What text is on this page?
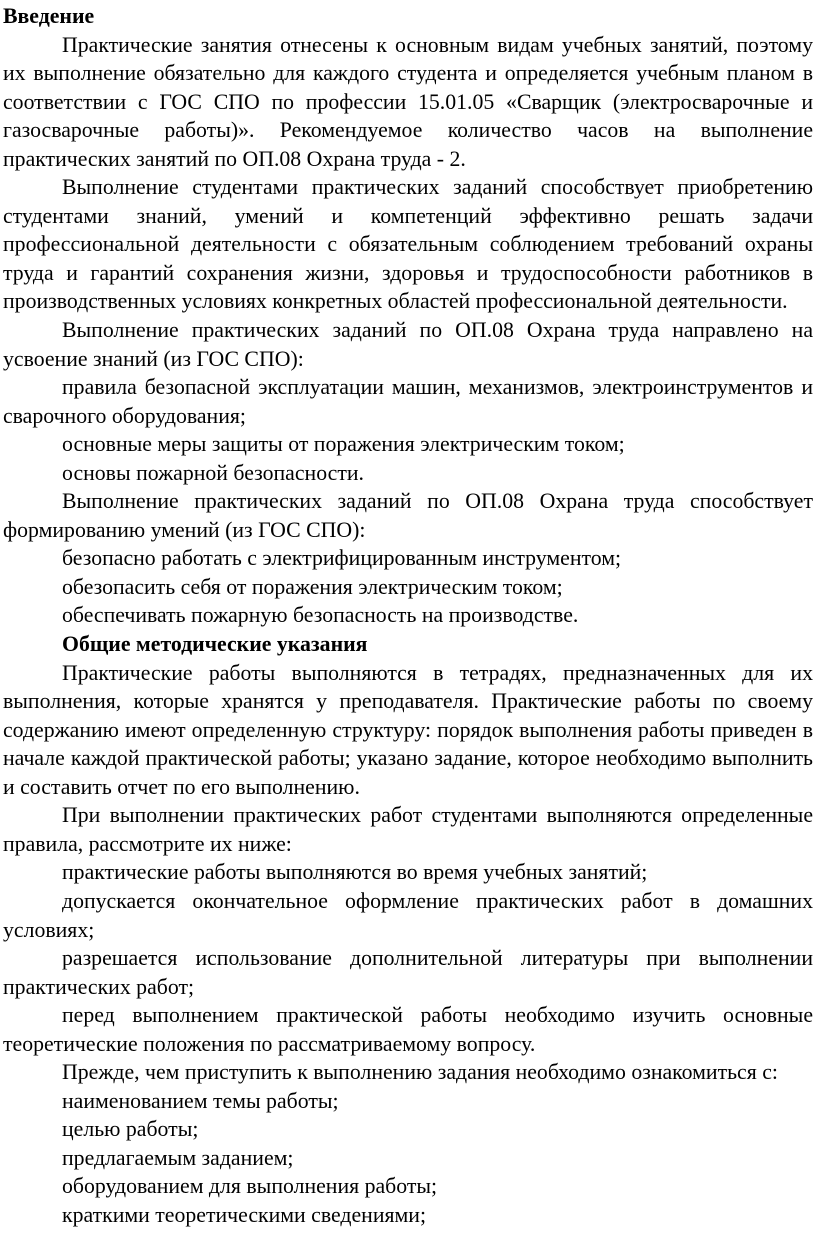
Введение

Практические занятия отнесены к основным видам учебных занятий, поэтому их выполнение обязательно для каждого студента и определяется учебным планом в соответствии с ГОС СПО по профессии 15.01.05 «Сварщик (электросварочные и газосварочные работы)». Рекомендуемое количество часов на выполнение практических занятий по ОП.08 Охрана труда - 2.

Выполнение студентами практических заданий способствует приобретению студентами знаний, умений и компетенций эффективно решать задачи профессиональной деятельности с обязательным соблюдением требований охраны труда и гарантий сохранения жизни, здоровья и трудоспособности работников в производственных условиях конкретных областей профессиональной деятельности.

Выполнение практических заданий по ОП.08 Охрана труда направлено на усвоение знаний (из ГОС СПО):

правила безопасной эксплуатации машин, механизмов, электроинструментов и сварочного оборудования;

основные меры защиты от поражения электрическим током;

основы пожарной безопасности.

Выполнение практических заданий по ОП.08 Охрана труда способствует формированию умений (из ГОС СПО):

безопасно работать с электрифицированным инструментом;

обезопасить себя от поражения электрическим током;

обеспечивать пожарную безопасность на производстве.

Общие методические указания

Практические работы выполняются в тетрадях, предназначенных для их выполнения, которые хранятся у преподавателя. Практические работы по своему содержанию имеют определенную структуру: порядок выполнения работы приведен в начале каждой практической работы; указано задание, которое необходимо выполнить и составить отчет по его выполнению.

При выполнении практических работ студентами выполняются определенные правила, рассмотрите их ниже:

практические работы выполняются во время учебных занятий;

допускается окончательное оформление практических работ в домашних условиях;

разрешается использование дополнительной литературы при выполнении практических работ;

перед выполнением практической работы необходимо изучить основные теоретические положения по рассматриваемому вопросу.

Прежде, чем приступить к выполнению задания необходимо ознакомиться с:

наименованием темы работы;

целью работы;

предлагаемым заданием;

оборудованием для выполнения работы;

краткими теоретическими сведениями;
